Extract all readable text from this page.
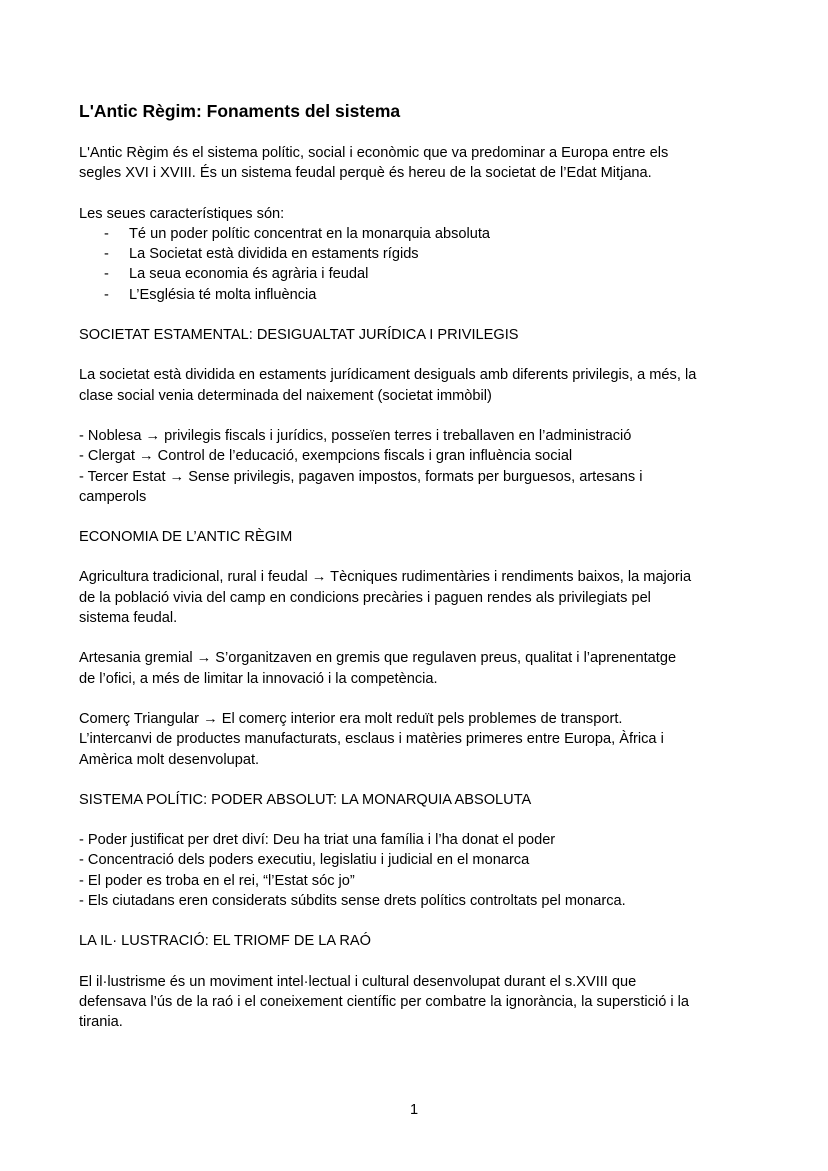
L'Antic Règim: Fonaments del sistema
L'Antic Règim és el sistema polític, social i econòmic que va predominar a Europa entre els
segles XVI i XVIII. És un sistema feudal perquè és hereu de la societat de l’Edat Mitjana.
Les seues característiques són:
- Té un poder polític concentrat en la monarquia absoluta
- La Societat està dividida en estaments rígids
- La seua economia és agrària i feudal
- L’Església té molta influència
SOCIETAT ESTAMENTAL: DESIGUALTAT JURÍDICA I PRIVILEGIS
La societat està dividida en estaments jurídicament desiguals amb diferents privilegis, a més, la
clase social venia determinada del naixement (societat immòbil)
- Noblesa → privilegis fiscals i jurídics, posseïen terres i treballaven en l’administració
- Clergat → Control de l’educació, exempcions fiscals i gran influència social
- Tercer Estat → Sense privilegis, pagaven impostos, formats per burguesos, artesans i
camperols
ECONOMIA DE L’ANTIC RÈGIM
Agricultura tradicional, rural i feudal → Tècniques rudimentàries i rendiments baixos, la majoria
de la població vivia del camp en condicions precàries i paguen rendes als privilegiats pel
sistema feudal.
Artesania gremial → S’organitzaven en gremis que regulaven preus, qualitat i l’aprenentatge
de l’ofici, a més de limitar la innovació i la competència.
Comerç Triangular → El comerç interior era molt reduït pels problemes de transport.
L’intercanvi de productes manufacturats, esclaus i matèries primeres entre Europa, Àfrica i
Amèrica molt desenvolupat.
SISTEMA POLÍTIC: PODER ABSOLUT: LA MONARQUIA ABSOLUTA
- Poder justificat per dret diví: Deu ha triat una família i l’ha donat el poder
- Concentració dels poders executiu, legislatiu i judicial en el monarca
- El poder es troba en el rei, “l’Estat sóc jo”
- Els ciutadans eren considerats súbdits sense drets polítics controltats pel monarca.
LA IL· LUSTRACIÓ: EL TRIOMF DE LA RAÓ
El il·lustrisme és un moviment intel·lectual i cultural desenvolupat durant el s.XVIII que
defensava l’ús de la raó i el coneixement científic per combatre la ignorància, la superstició i la
tirania.
1
